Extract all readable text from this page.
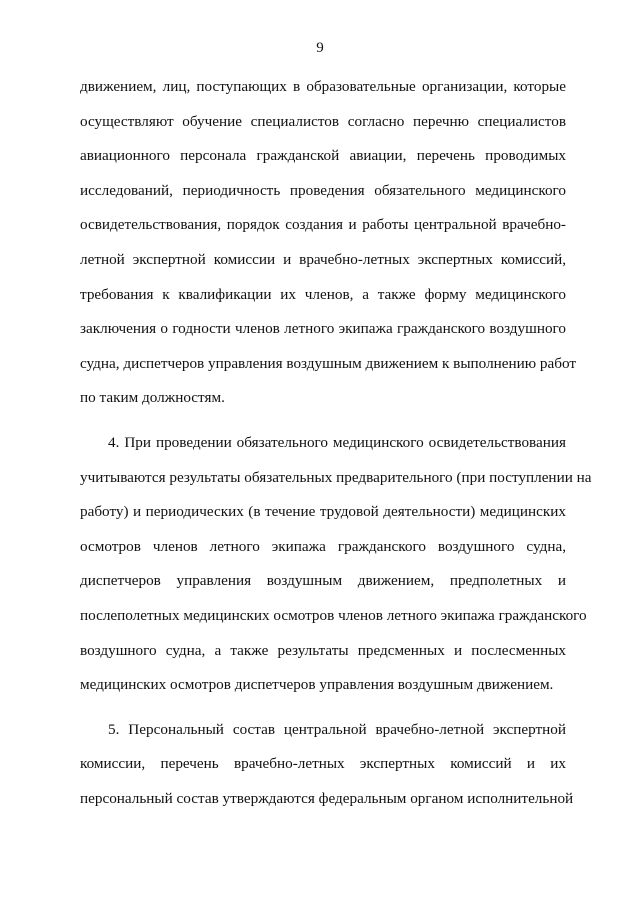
9
движением, лиц, поступающих в образовательные организации, которые
осуществляют обучение специалистов согласно перечню специалистов
авиационного персонала гражданской авиации, перечень проводимых
исследований, периодичность проведения обязательного медицинского
освидетельствования, порядок создания и работы центральной врачебно-
летной экспертной комиссии и врачебно-летных экспертных комиссий,
требования к квалификации их членов, а также форму медицинского
заключения о годности членов летного экипажа гражданского воздушного
судна, диспетчеров управления воздушным движением к выполнению работ
по таким должностям.
4. При проведении обязательного медицинского освидетельствования
учитываются результаты обязательных предварительного (при поступлении на
работу) и периодических (в течение трудовой деятельности) медицинских
осмотров членов летного экипажа гражданского воздушного судна,
диспетчеров управления воздушным движением, предполетных и
послеполетных медицинских осмотров членов летного экипажа гражданского
воздушного судна, а также результаты предсменных и послесменных
медицинских осмотров диспетчеров управления воздушным движением.
5. Персональный состав центральной врачебно-летной экспертной
комиссии, перечень врачебно-летных экспертных комиссий и их
персональный состав утверждаются федеральным органом исполнительной
